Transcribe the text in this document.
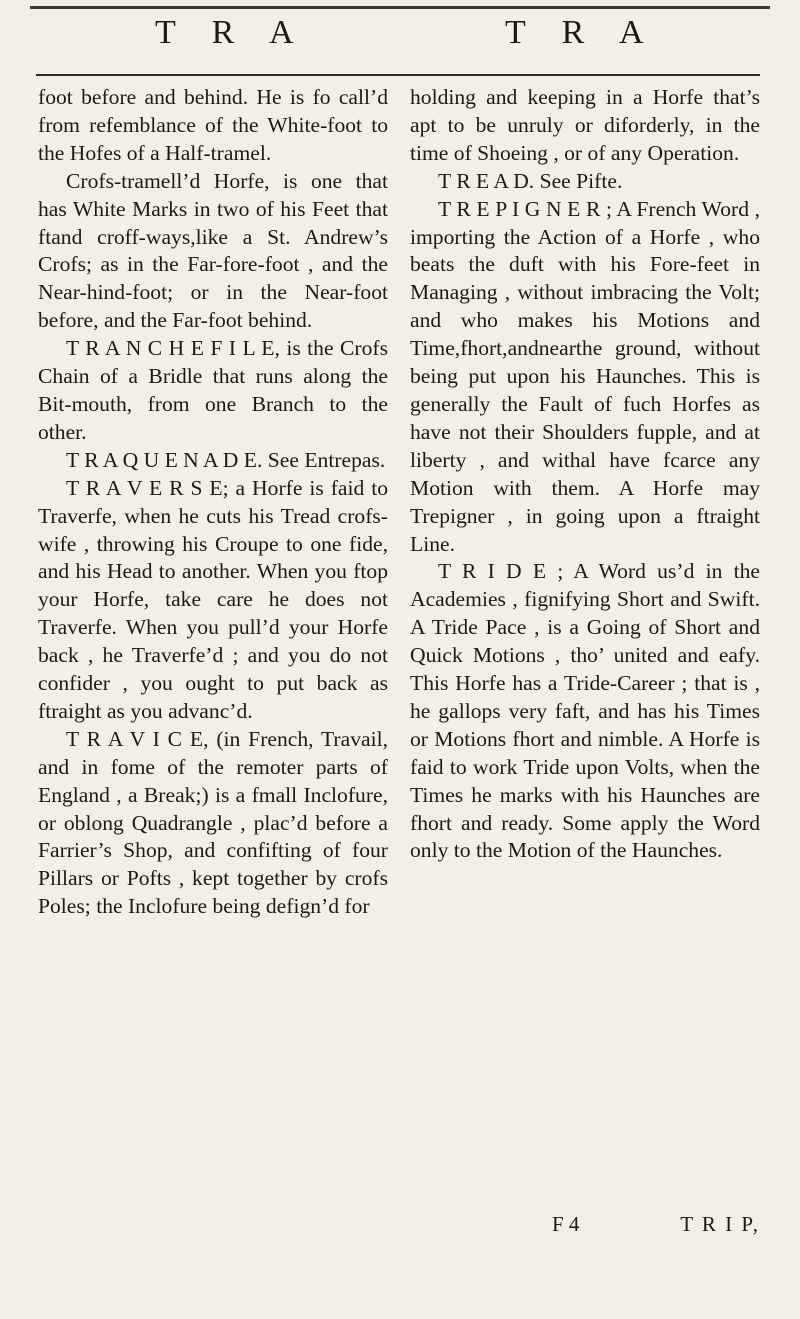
T R A	T R A

foot before and behind. He is fo call’d from refemblance of the White-foot to the Hofes of a Half-tramel.

Crofs-tramell’d Horfe, is one that has White Marks in two of his Feet that ftand croff-ways,like a St. Andrew’s Crofs; as in the Far-fore-foot , and the Near-hind-foot; or in the Near-foot before, and the Far-foot behind.

T R A N C H E F I L E, is the Crofs Chain of a Bridle that runs along the Bit-mouth, from one Branch to the other.

T R A Q U E N A D E. See Entrepas.

T R A V E R S E; a Horfe is faid to Traverfe, when he cuts his Tread crofs-wife , throwing his Croupe to one fide, and his Head to another. When you ftop your Horfe, take care he does not Traverfe. When you pull’d your Horfe back , he Traverfe’d ; and you do not confider , you ought to put back as ftraight as you advanc’d.

T R A V I C E, (in French, Travail, and in fome of the remoter parts of England , a Break;) is a fmall Inclofure, or oblong Quadrangle , plac’d before a Farrier’s Shop, and confifting of four Pillars or Pofts , kept together by crofs Poles; the Inclofure being defign’d for

holding and keeping in a Horfe that’s apt to be unruly or diforderly, in the time of Shoeing , or of any Operation.

T R E A D. See Pifte.

T R E P I G N E R ; A French Word , importing the Action of a Horfe , who beats the duft with his Fore-feet in Managing , without imbracing the Volt; and who makes his Motions and Time,fhort,andnearthe ground, without being put upon his Haunches. This is generally the Fault of fuch Horfes as have not their Shoulders fupple, and at liberty , and withal have fcarce any Motion with them. A Horfe may Trepigner , in going upon a ftraight Line.

T R I D E ; A Word us’d in the Academies , fignifying Short and Swift. A Tride Pace , is a Going of Short and Quick Motions , tho’ united and eafy. This Horfe has a Tride-Career ; that is , he gallops very faft, and has his Times or Motions fhort and nimble. A Horfe is faid to work Tride upon Volts, when the Times he marks with his Haunches are fhort and ready. Some apply the Word only to the Motion of the Haunches.

F 4	T R I P,
